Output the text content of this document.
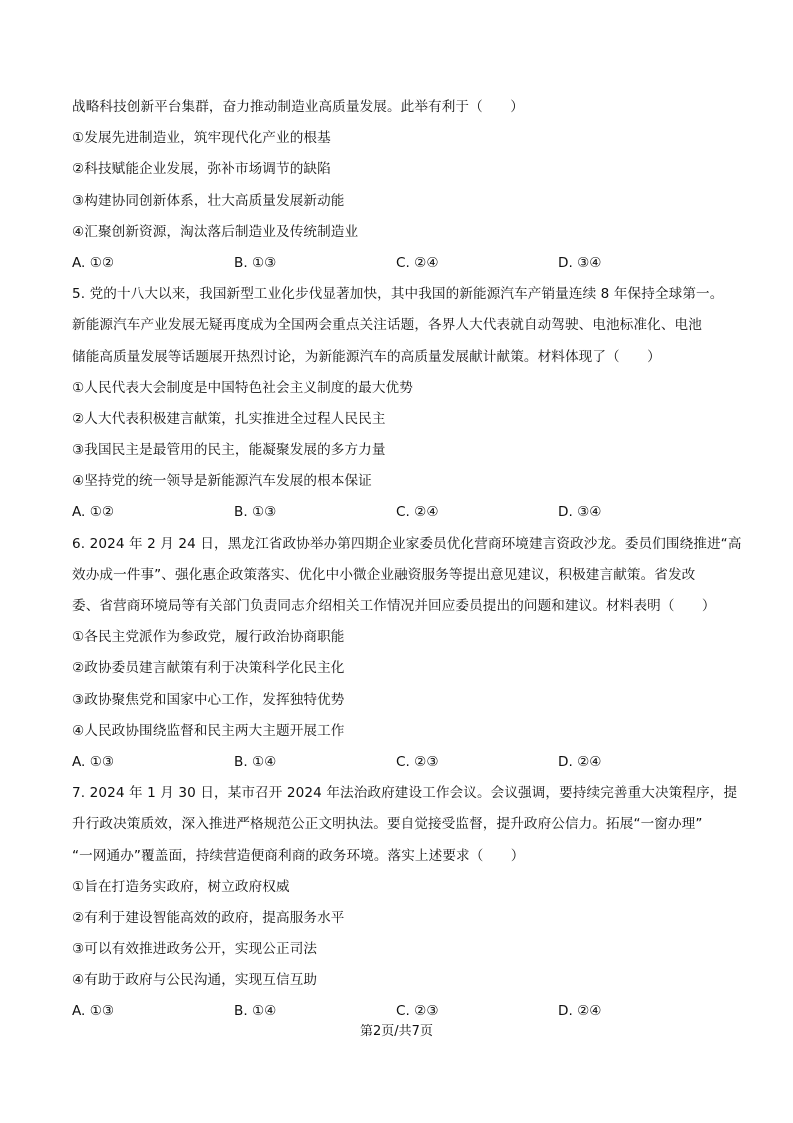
战略科技创新平台集群，奋力推动制造业高质量发展。此举有利于（　　）
①发展先进制造业，筑牢现代化产业的根基
②科技赋能企业发展，弥补市场调节的缺陷
③构建协同创新体系，壮大高质量发展新动能
④汇聚创新资源，淘汰落后制造业及传统制造业
A. ①②	B. ①③	C. ②④	D. ③④
5. 党的十八大以来，我国新型工业化步伐显著加快，其中我国的新能源汽车产销量连续 8 年保持全球第一。
新能源汽车产业发展无疑再度成为全国两会重点关注话题，各界人大代表就自动驾驶、电池标准化、电池
储能高质量发展等话题展开热烈讨论，为新能源汽车的高质量发展献计献策。材料体现了（　　）
①人民代表大会制度是中国特色社会主义制度的最大优势
②人大代表积极建言献策，扎实推进全过程人民民主
③我国民主是最管用的民主，能凝聚发展的多方力量
④坚持党的统一领导是新能源汽车发展的根本保证
A. ①②	B. ①③	C. ②④	D. ③④
6. 2024 年 2 月 24 日，黑龙江省政协举办第四期企业家委员优化营商环境建言资政沙龙。委员们围绕推进“高
效办成一件事”、强化惠企政策落实、优化中小微企业融资服务等提出意见建议，积极建言献策。省发改
委、省营商环境局等有关部门负责同志介绍相关工作情况并回应委员提出的问题和建议。材料表明（　　）
①各民主党派作为参政党，履行政治协商职能
②政协委员建言献策有利于决策科学化民主化
③政协聚焦党和国家中心工作，发挥独特优势
④人民政协围绕监督和民主两大主题开展工作
A. ①③	B. ①④	C. ②③	D. ②④
7. 2024 年 1 月 30 日，某市召开 2024 年法治政府建设工作会议。会议强调，要持续完善重大决策程序，提
升行政决策质效，深入推进严格规范公正文明执法。要自觉接受监督，提升政府公信力。拓展“一窗办理”
“一网通办”覆盖面，持续营造便商利商的政务环境。落实上述要求（　　）
①旨在打造务实政府，树立政府权威
②有利于建设智能高效的政府，提高服务水平
③可以有效推进政务公开，实现公正司法
④有助于政府与公民沟通，实现互信互助
A. ①③	B. ①④	C. ②③	D. ②④
第2页/共7页
